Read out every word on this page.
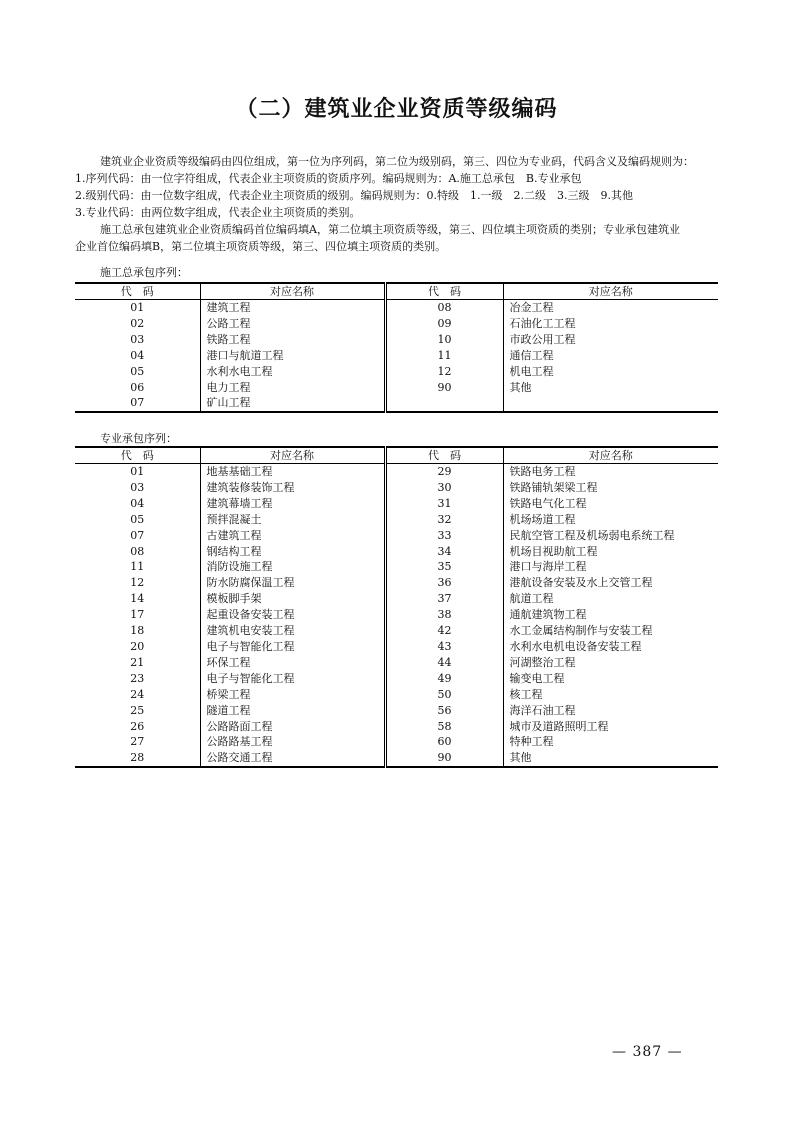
（二）建筑业企业资质等级编码

建筑业企业资质等级编码由四位组成，第一位为序列码，第二位为级别码，第三、四位为专业码，代码含义及编码规则为：

1.序列代码：由一位字符组成，代表企业主项资质的资质序列。编码规则为：A.施工总承包　B.专业承包

2.级别代码：由一位数字组成，代表企业主项资质的级别。编码规则为：0.特级　1.一级　2.二级　3.三级　9.其他

3.专业代码：由两位数字组成，代表企业主项资质的类别。

施工总承包建筑业企业资质编码首位编码填A，第二位填主项资质等级，第三、四位填主项资质的类别；专业承包建筑业

企业首位编码填B，第二位填主项资质等级，第三、四位填主项资质的类别。

施工总承包序列：
代　码	对应名称	代　码	对应名称
01	建筑工程	08	冶金工程
02	公路工程	09	石油化工工程
03	铁路工程	10	市政公用工程
04	港口与航道工程	11	通信工程
05	水利水电工程	12	机电工程
06	电力工程	90	其他
07	矿山工程		
专业承包序列：
代　码	对应名称	代　码	对应名称
01	地基基础工程	29	铁路电务工程
03	建筑装修装饰工程	30	铁路铺轨架梁工程
04	建筑幕墙工程	31	铁路电气化工程
05	预拌混凝土	32	机场场道工程
07	古建筑工程	33	民航空管工程及机场弱电系统工程
08	钢结构工程	34	机场目视助航工程
11	消防设施工程	35	港口与海岸工程
12	防水防腐保温工程	36	港航设备安装及水上交管工程
14	模板脚手架	37	航道工程
17	起重设备安装工程	38	通航建筑物工程
18	建筑机电安装工程	42	水工金属结构制作与安装工程
20	电子与智能化工程	43	水利水电机电设备安装工程
21	环保工程	44	河湖整治工程
23	电子与智能化工程	49	输变电工程
24	桥梁工程	50	核工程
25	隧道工程	56	海洋石油工程
26	公路路面工程	58	城市及道路照明工程
27	公路路基工程	60	特种工程
28	公路交通工程	90	其他
— 387 —
